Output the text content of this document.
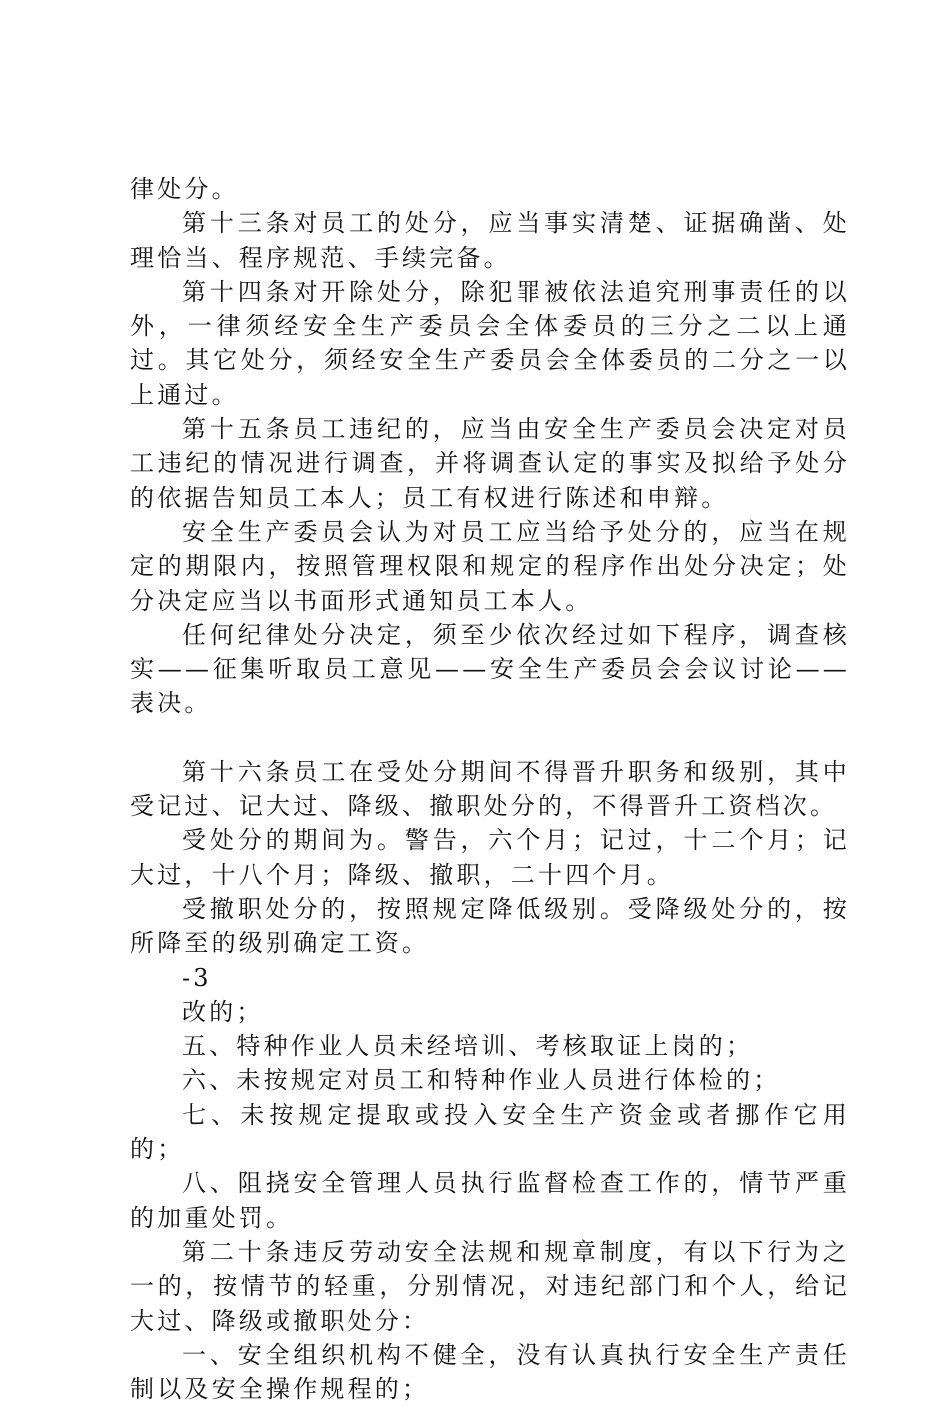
律处分。

第十三条对员工的处分，应当事实清楚、证据确凿、处理恰当、程序规范、手续完备。

第十四条对开除处分，除犯罪被依法追究刑事责任的以外，一律须经安全生产委员会全体委员的三分之二以上通过。其它处分，须经安全生产委员会全体委员的二分之一以上通过。

第十五条员工违纪的，应当由安全生产委员会决定对员工违纪的情况进行调查，并将调查认定的事实及拟给予处分的依据告知员工本人；员工有权进行陈述和申辩。

安全生产委员会认为对员工应当给予处分的，应当在规定的期限内，按照管理权限和规定的程序作出处分决定；处分决定应当以书面形式通知员工本人。

任何纪律处分决定，须至少依次经过如下程序，调查核实——征集听取员工意见——安全生产委员会会议讨论——表决。

第十六条员工在受处分期间不得晋升职务和级别，其中受记过、记大过、降级、撤职处分的，不得晋升工资档次。

受处分的期间为。警告，六个月；记过，十二个月；记大过，十八个月；降级、撤职，二十四个月。

受撤职处分的，按照规定降低级别。受降级处分的，按所降至的级别确定工资。

-3

改的；

五、特种作业人员未经培训、考核取证上岗的；

六、未按规定对员工和特种作业人员进行体检的；

七、未按规定提取或投入安全生产资金或者挪作它用的；

八、阻挠安全管理人员执行监督检查工作的，情节严重的加重处罚。

第二十条违反劳动安全法规和规章制度，有以下行为之一的，按情节的轻重，分别情况，对违纪部门和个人，给记大过、降级或撤职处分：

一、安全组织机构不健全，没有认真执行安全生产责任制以及安全操作规程的；
